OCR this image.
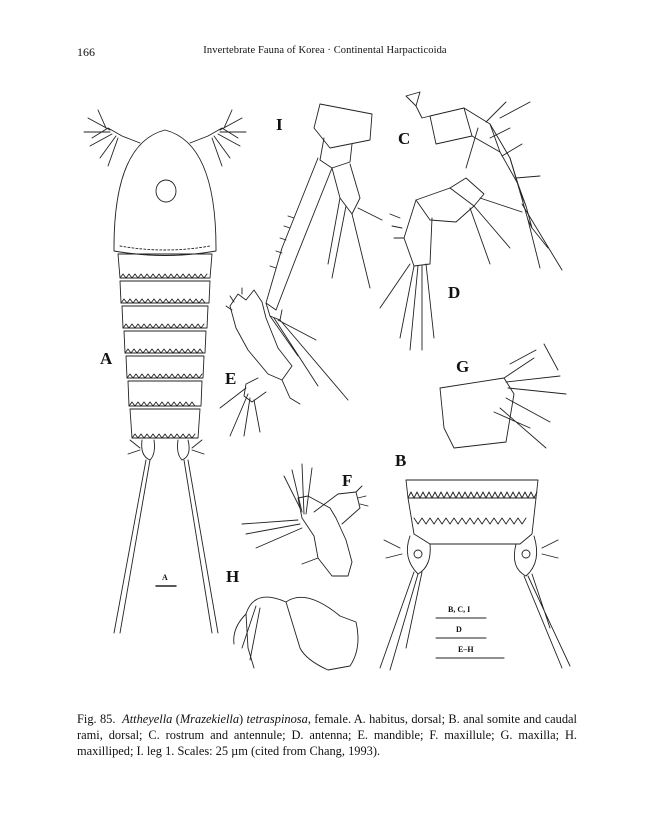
166	Invertebrate Fauna of Korea · Continental Harpacticoida
A
B
C
D
E
F
G
H
I
A
B, C, I
D
E–H
Fig. 85. Attheyella (Mrazekiella) tetraspinosa, female. A. habitus, dorsal; B. anal somite and caudal rami, dorsal; C. rostrum and antennule; D. antenna; E. mandible; F. maxillule; G. maxilla; H. maxilliped; I. leg 1. Scales: 25 µm (cited from Chang, 1993).
